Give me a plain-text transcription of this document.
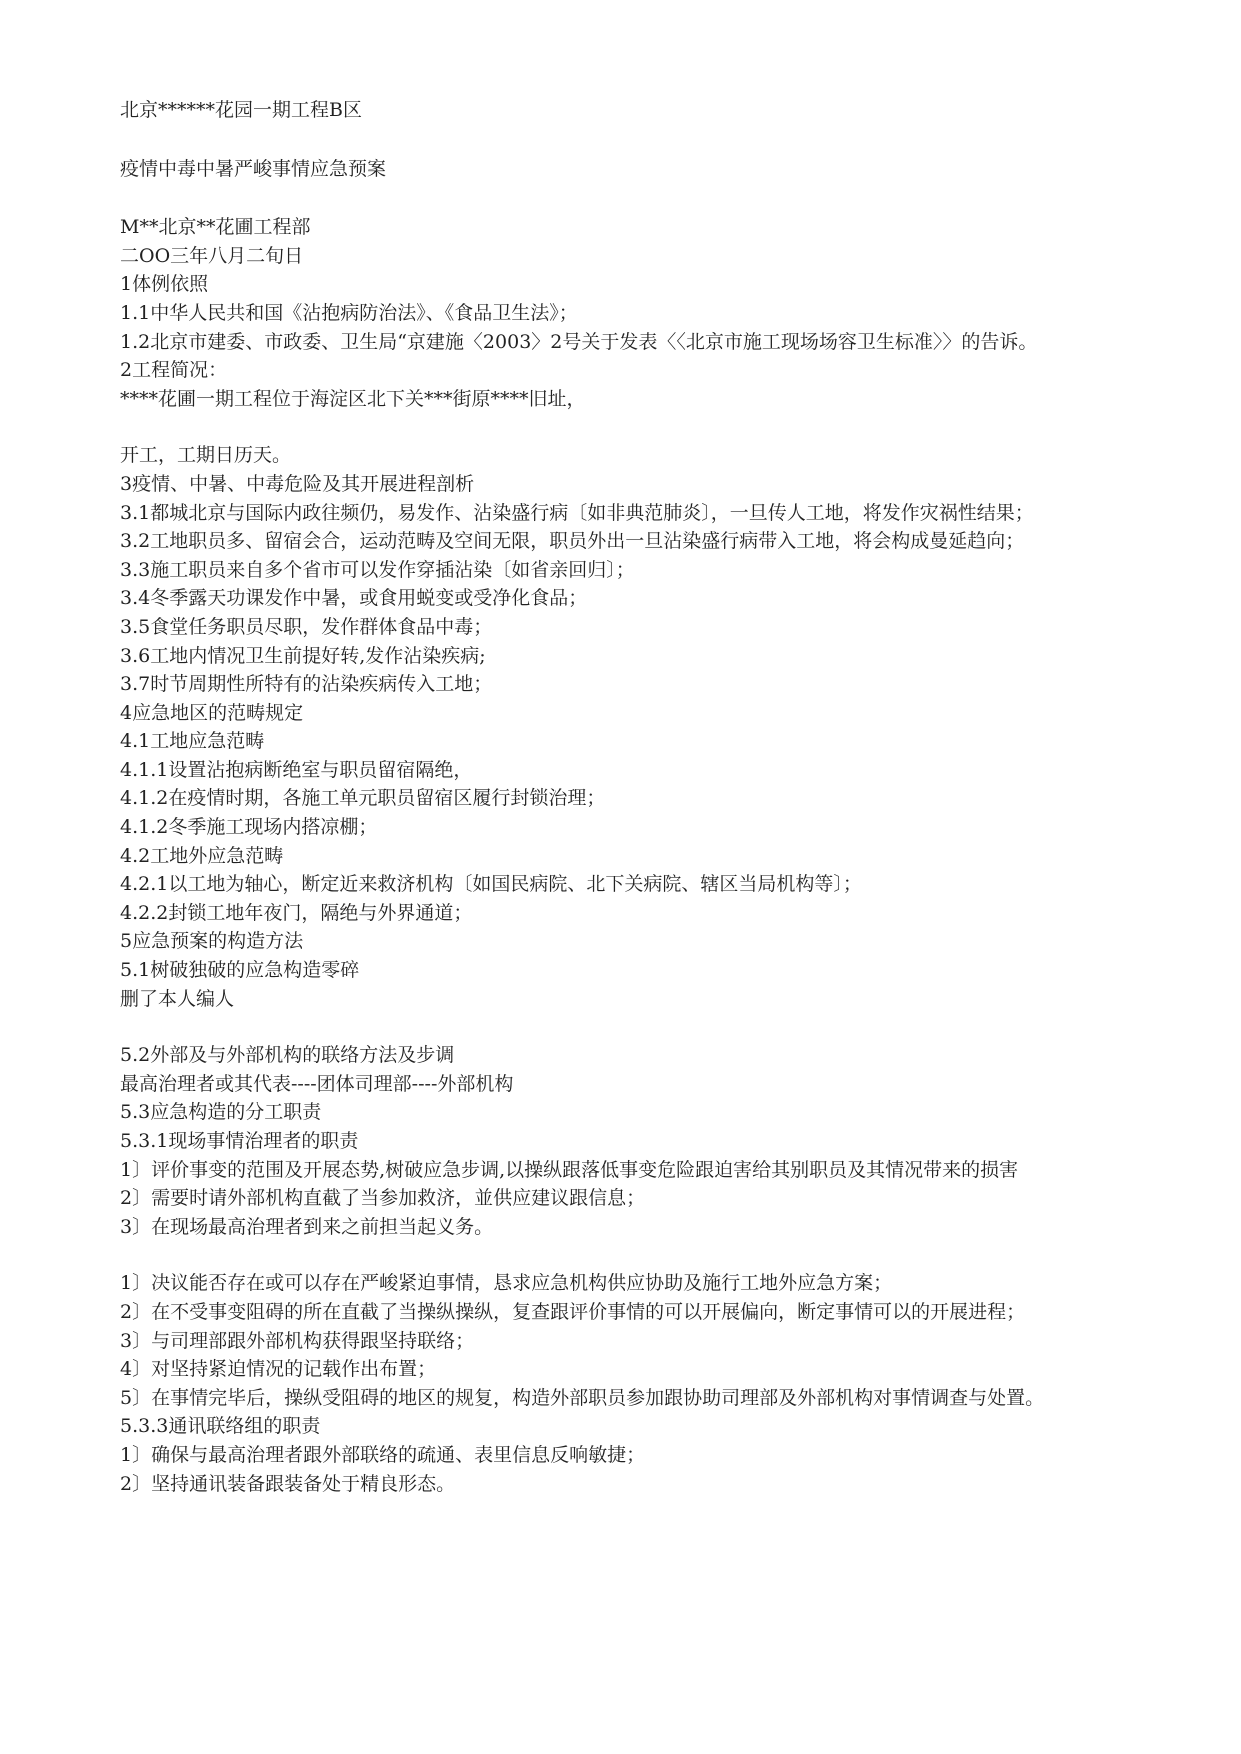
北京******花园一期工程B区

疫情中毒中暑严峻事情应急预案

M**北京**花圃工程部

二OO三年八月二旬日

1体例依照

1.1中华人民共和国《沾抱病防治法》、《食品卫生法》；

1.2北京市建委、市政委、卫生局“京建施〈2003〉2号关于发表〈〈北京市施工现场场容卫生标准〉〉的告诉。

2工程简况：

****花圃一期工程位于海淀区北下关***街原****旧址，

开工，工期日历天。

3疫情、中暑、中毒危险及其开展进程剖析

3.1都城北京与国际内政往频仍，易发作、沾染盛行病〔如非典范肺炎〕，一旦传人工地，将发作灾祸性结果；

3.2工地职员多、留宿会合，运动范畴及空间无限，职员外出一旦沾染盛行病带入工地，将会构成曼延趋向；

3.3施工职员来自多个省市可以发作穿插沾染〔如省亲回归〕；

3.4冬季露天功课发作中暑，或食用蜕变或受净化食品；

3.5食堂任务职员尽职，发作群体食品中毒；

3.6工地内情况卫生前提好转,发作沾染疾病;

3.7时节周期性所特有的沾染疾病传入工地；

4应急地区的范畴规定

4.1工地应急范畴

4.1.1设置沾抱病断绝室与职员留宿隔绝，

4.1.2在疫情时期，各施工单元职员留宿区履行封锁治理；

4.1.2冬季施工现场内搭凉棚；

4.2工地外应急范畴

4.2.1以工地为轴心，断定近来救济机构〔如国民病院、北下关病院、辖区当局机构等〕；

4.2.2封锁工地年夜门，隔绝与外界通道；

5应急预案的构造方法

5.1树破独破的应急构造零碎

删了本人编人

5.2外部及与外部机构的联络方法及步调

最高治理者或其代表----团体司理部----外部机构

5.3应急构造的分工职责

5.3.1现场事情治理者的职责

1〕评价事变的范围及开展态势,树破应急步调,以操纵跟落低事变危险跟迫害给其别职员及其情况带来的损害

2〕需要时请外部机构直截了当参加救济，並供应建议跟信息；

3〕在现场最高治理者到来之前担当起义务。

1〕决议能否存在或可以存在严峻紧迫事情，恳求应急机构供应协助及施行工地外应急方案；

2〕在不受事变阻碍的所在直截了当操纵操纵，复查跟评价事情的可以开展偏向，断定事情可以的开展进程；

3〕与司理部跟外部机构获得跟坚持联络；

4〕对坚持紧迫情况的记载作出布置；

5〕在事情完毕后，操纵受阻碍的地区的规复，构造外部职员参加跟协助司理部及外部机构对事情调查与处置。

5.3.3通讯联络组的职责

1〕确保与最高治理者跟外部联络的疏通、表里信息反响敏捷；

2〕坚持通讯装备跟装备处于精良形态。
